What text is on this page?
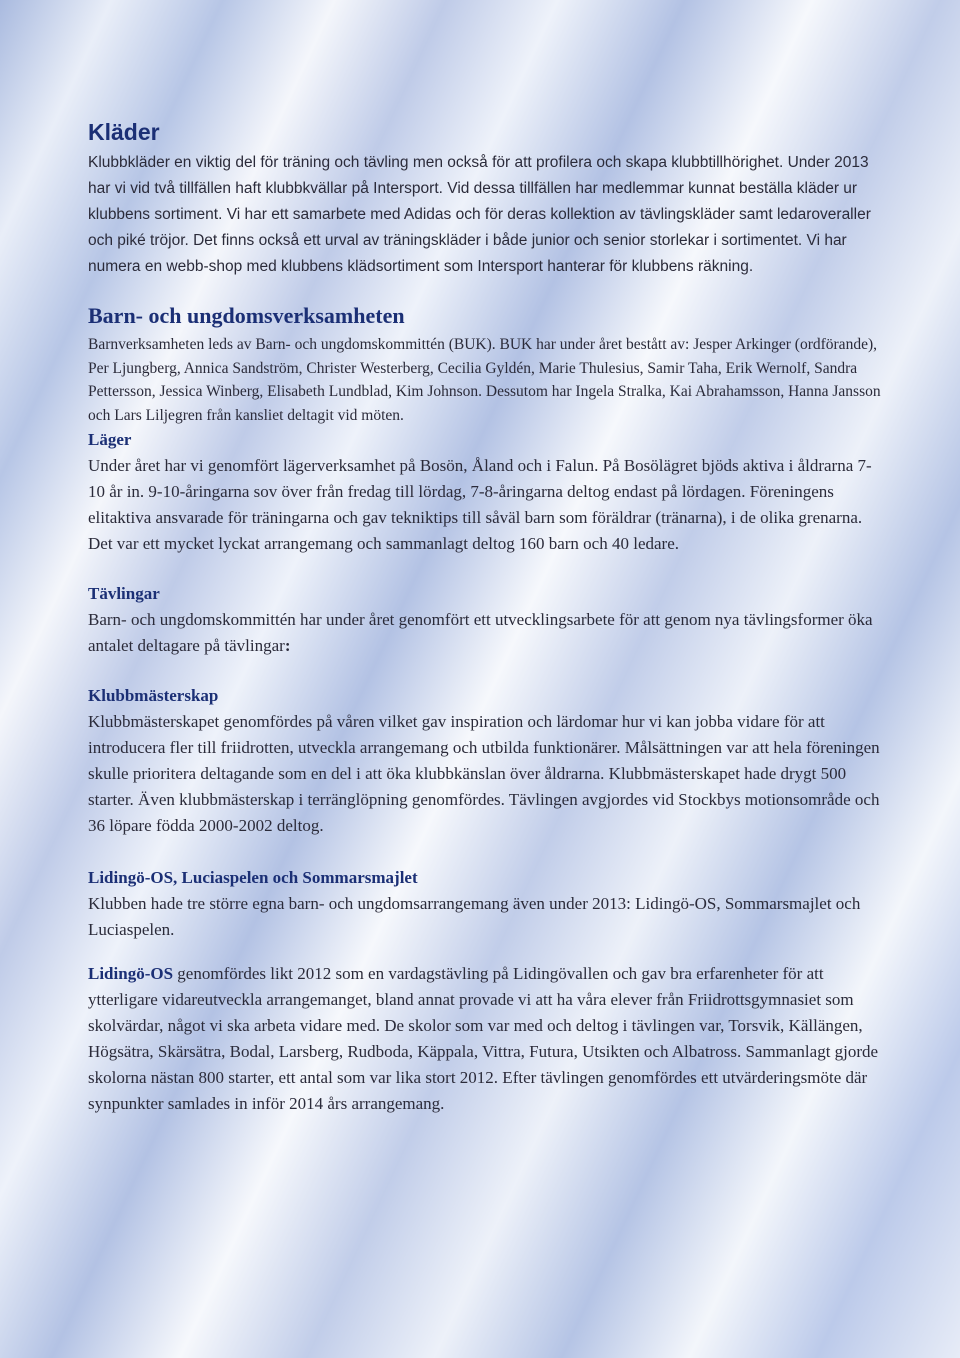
Kläder

Klubbkläder en viktig del för träning och tävling men också för att profilera och skapa klubbtillhörighet. Under 2013 har vi vid två tillfällen haft klubbkvällar på Intersport. Vid dessa tillfällen har medlemmar kunnat beställa kläder ur klubbens sortiment. Vi har ett samarbete med Adidas och för deras kollektion av tävlingskläder samt ledaroveraller och piké tröjor. Det finns också ett urval av träningskläder i både junior och senior storlekar i sortimentet. Vi har numera en webb-shop med klubbens klädsortiment som Intersport hanterar för klubbens räkning.

Barn- och ungdomsverksamheten

Barnverksamheten leds av Barn- och ungdomskommittén (BUK). BUK har under året bestått av: Jesper Arkinger (ordförande), Per Ljungberg, Annica Sandström, Christer Westerberg, Cecilia Gyldén, Marie Thulesius, Samir Taha, Erik Wernolf, Sandra Pettersson, Jessica Winberg, Elisabeth Lundblad, Kim Johnson. Dessutom har Ingela Stralka, Kai Abrahamsson, Hanna Jansson och Lars Liljegren från kansliet deltagit vid möten.

Läger

Under året har vi genomfört lägerverksamhet på Bosön, Åland och i Falun. På Bosölägret bjöds aktiva i åldrarna 7-10 år in. 9-10-åringarna sov över från fredag till lördag, 7-8-åringarna deltog endast på lördagen. Föreningens elitaktiva ansvarade för träningarna och gav tekniktips till såväl barn som föräldrar (tränarna), i de olika grenarna. Det var ett mycket lyckat arrangemang och sammanlagt deltog 160 barn och 40 ledare.

Tävlingar

Barn- och ungdomskommittén har under året genomfört ett utvecklingsarbete för att genom nya tävlingsformer öka antalet deltagare på tävlingar:

Klubbmästerskap

Klubbmästerskapet genomfördes på våren vilket gav inspiration och lärdomar hur vi kan jobba vidare för att introducera fler till friidrotten, utveckla arrangemang och utbilda funktionärer. Målsättningen var att hela föreningen skulle prioritera deltagande som en del i att öka klubbkänslan över åldrarna. Klubbmästerskapet hade drygt 500 starter. Även klubbmästerskap i terränglöpning genomfördes. Tävlingen avgjordes vid Stockbys motionsområde och 36 löpare födda 2000-2002 deltog.

Lidingö-OS, Luciaspelen och Sommarsmajlet

Klubben hade tre större egna barn- och ungdomsarrangemang även under 2013: Lidingö-OS, Sommarsmajlet och Luciaspelen.

Lidingö-OS genomfördes likt 2012 som en vardagstävling på Lidingövallen och gav bra erfarenheter för att ytterligare vidareutveckla arrangemanget, bland annat provade vi att ha våra elever från Friidrottsgymnasiet som skolvärdar, något vi ska arbeta vidare med. De skolor som var med och deltog i tävlingen var, Torsvik, Källängen, Högsätra, Skärsätra, Bodal, Larsberg, Rudboda, Käppala, Vittra, Futura, Utsikten och Albatross. Sammanlagt gjorde skolorna nästan 800 starter, ett antal som var lika stort 2012. Efter tävlingen genomfördes ett utvärderingsmöte där synpunkter samlades in inför 2014 års arrangemang.
